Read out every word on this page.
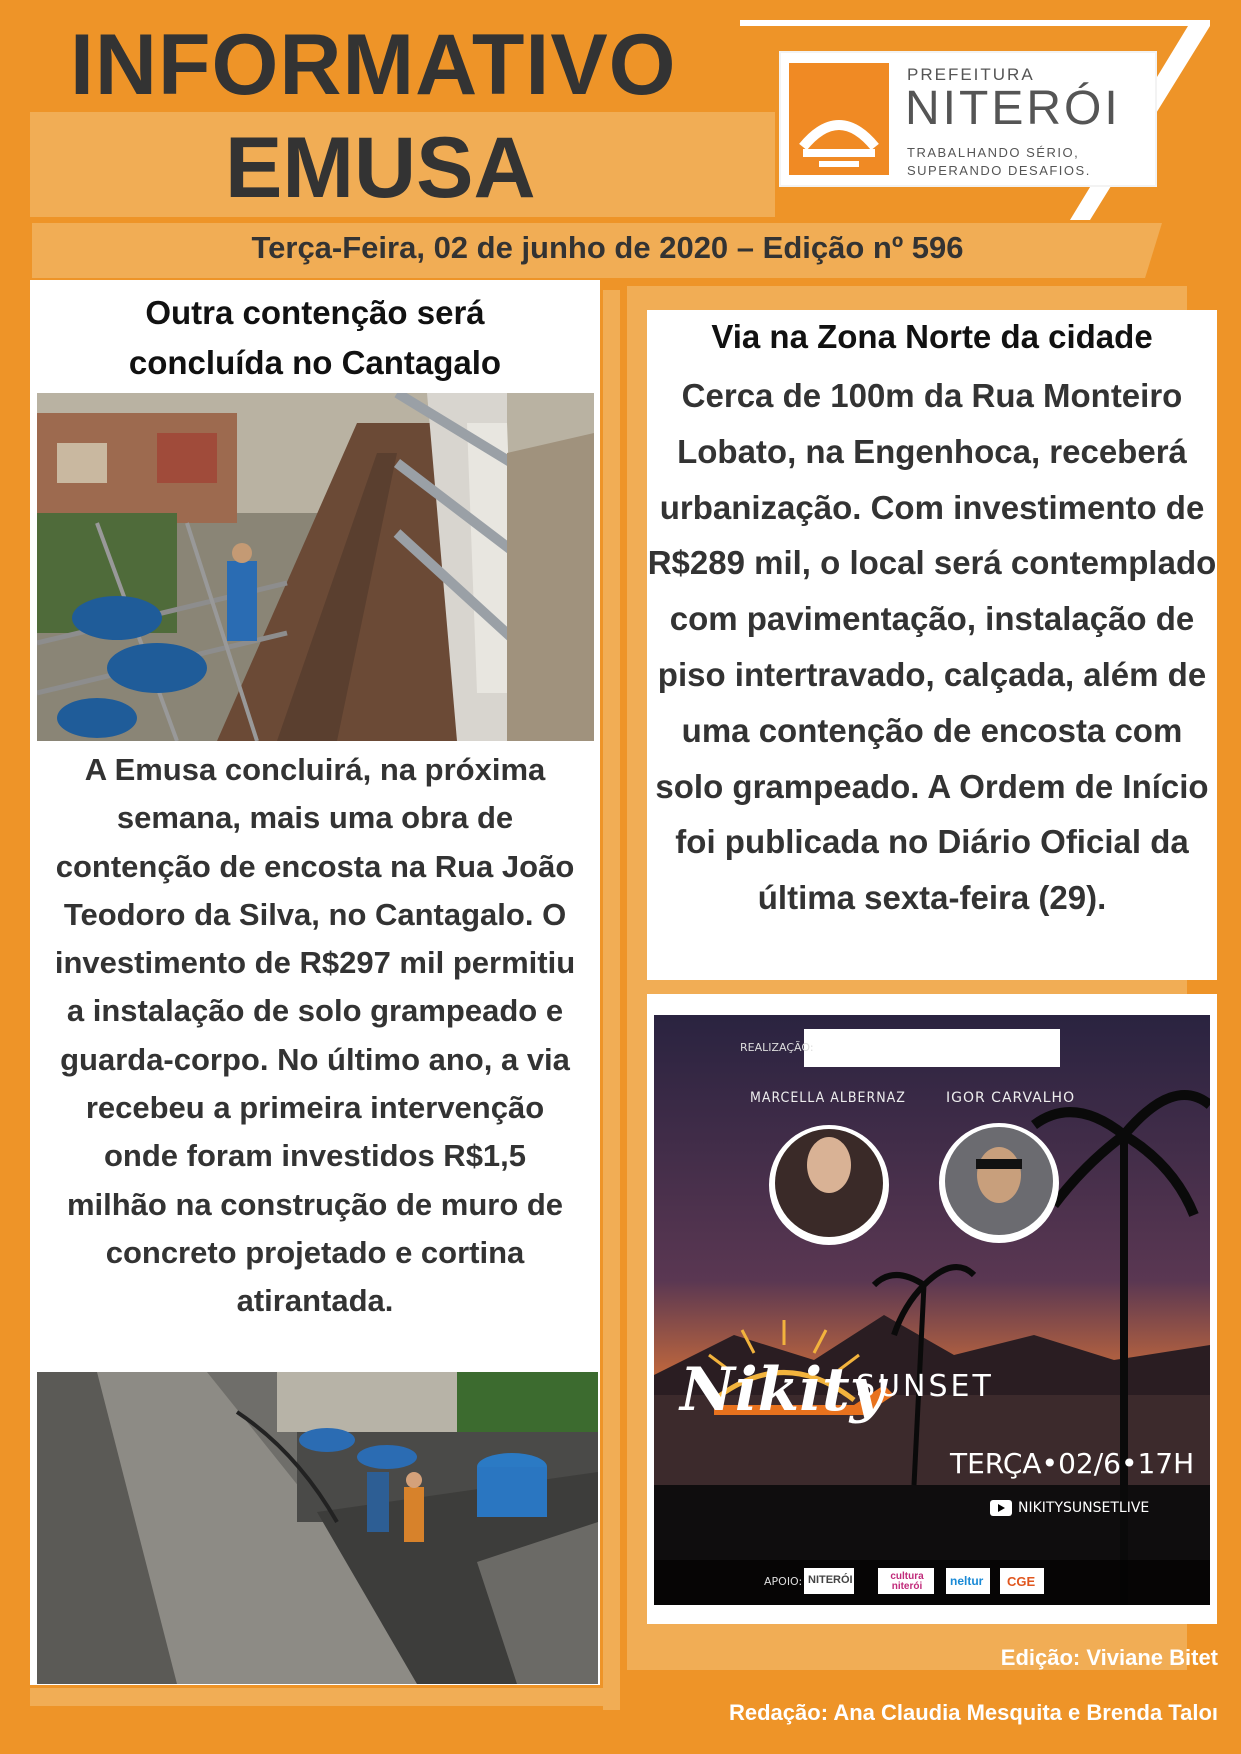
INFORMATIVO
EMUSA
PREFEITURA
NITERÓI
TRABALHANDO SÉRIO,
SUPERANDO DESAFIOS.
Terça-Feira, 02 de junho de 2020 – Edição nº 596
Outra contenção será
concluída no Cantagalo
A Emusa concluirá, na próxima semana, mais uma obra de contenção de encosta na Rua João Teodoro da Silva, no Cantagalo. O investimento de R$297 mil permitiu a instalação de solo grampeado e guarda-corpo. No último ano, a via recebeu a primeira intervenção onde foram investidos R$1,5 milhão na construção de muro de concreto projetado e cortina atirantada.
Via na Zona Norte da cidade
Cerca de 100m da Rua Monteiro Lobato, na Engenhoca, receberá urbanização. Com investimento de R$289 mil, o local será contemplado com pavimentação, instalação de piso intertravado, calçada, além de uma contenção de encosta com solo grampeado. A Ordem de Início foi publicada no Diário Oficial da última sexta-feira (29).
REALIZAÇÃO:
MARCELLA ALBERNAZ	IGOR CARVALHO
Nikity
SUNSET
TERÇA•02/6•17H
NIKITYSUNSETLIVE
APOIO: NITERÓI	cultura niterói	neltur CGE
Edição: Viviane Bitet
Redação: Ana Claudia Mesquita e Brenda Taloı
